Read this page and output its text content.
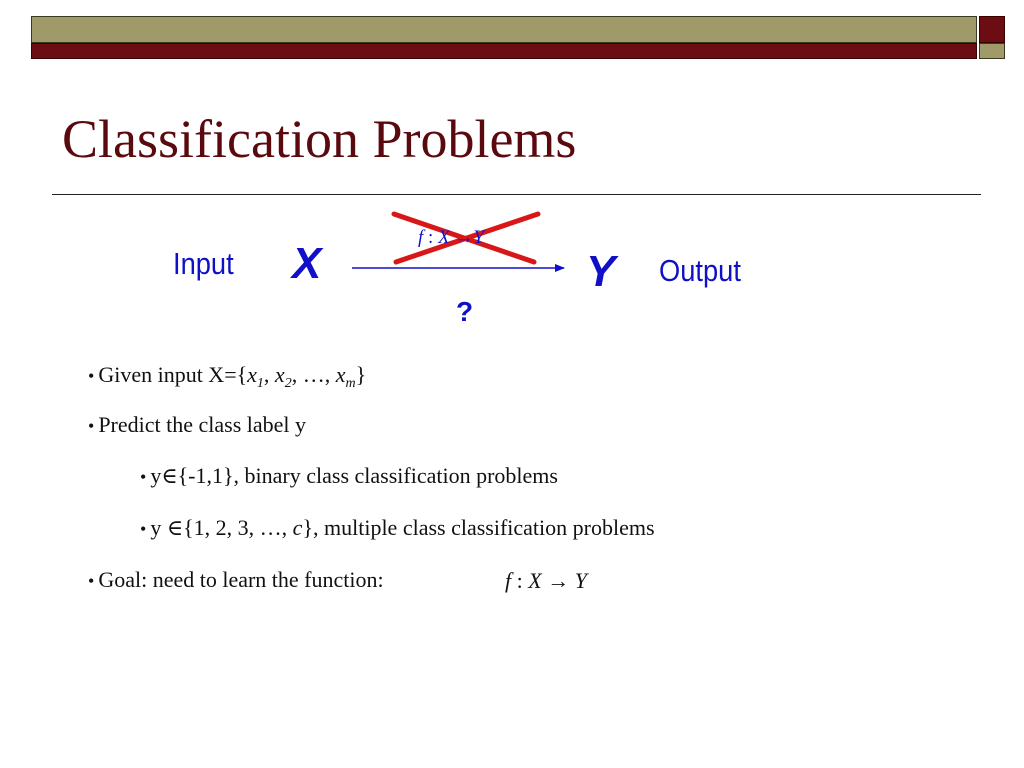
Classification Problems
f : X →Y
Input X	Y Output
?
• Given input $X=\{x_1$, $x_2$, …, $x_m$}
• Predict the class label y
• y∈{-1,1}, binary class classification problems
• y ∈{1, 2, 3, …, c}, multiple class classification problems
• Goal: need to learn the function:	f : X → Y
